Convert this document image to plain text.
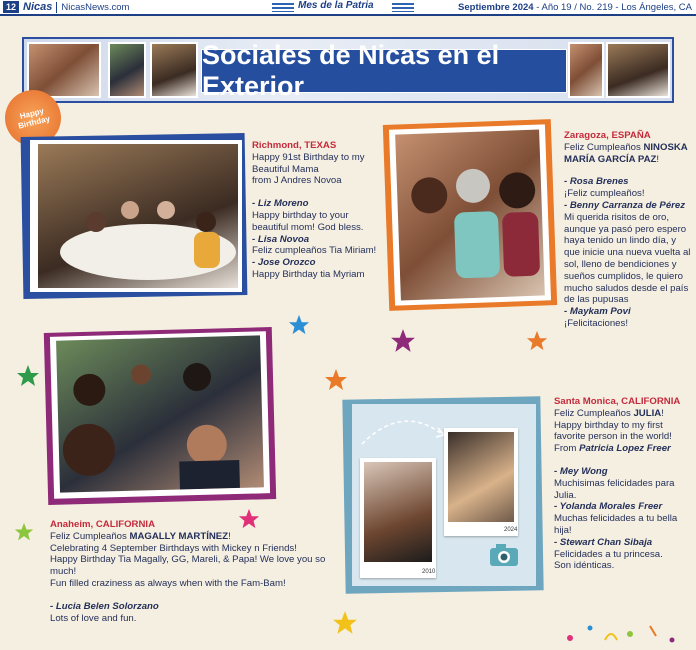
12 Nicas NicasNews.com	Mes de la Patria	Septiembre 2024 - Año 19 / No. 219 - Los Ángeles, CA
Sociales de Nicas en el Exterior
Happy Birthday
Richmond, TEXAS
Happy 91st Birthday to my
Beautiful Mama
from J Andres Novoa
- Liz Moreno
Happy birthday to your
beautiful mom! God bless.
- Lisa Novoa
Feliz cumpleaños Tia Miriam!
- Jose Orozco
Happy Birthday tia Myriam
Zaragoza, ESPAÑA
Feliz Cumpleaños NINOSKA
MARÍA GARCÍA PAZ!
- Rosa Brenes
¡Feliz cumpleaños!
- Benny Carranza de Pérez
Mi querida risitos de oro,
aunque ya pasó pero espero
haya tenido un lindo día, y
que inicie una nueva vuelta al
sol, lleno de bendiciones y
sueños cumplidos, le quiero
mucho saludos desde el país
de las pupusas
- Maykam Povi
¡Felicitaciones!
Anaheim, CALIFORNIA
Feliz Cumpleaños MAGALLY MARTÍNEZ!
Celebrating 4 September Birthdays with Mickey n Friends!
Happy Birthday Tia Magally, GG, Mareli, & Papa! We love you so
much!
Fun filled craziness as always when with the Fam-Bam!
- Lucia Belen Solorzano
Lots of love and fun.
2010
2024
Santa Monica, CALIFORNIA
Feliz Cumpleaños JULIA!
Happy birthday to my first
favorite person in the world!
From Patricia Lopez Freer
- Mey Wong
Muchisimas felicidades para
Julia.
- Yolanda Morales Freer
Muchas felicidades a tu bella
hija!
- Stewart Chan Sibaja
Felicidades a tu princesa.
Son idénticas.
